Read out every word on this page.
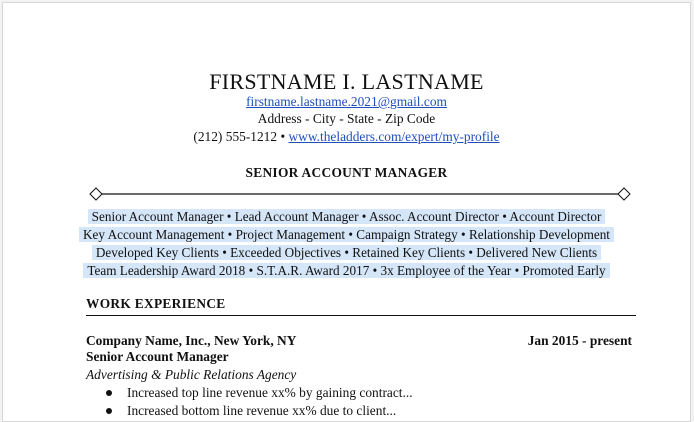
FIRSTNAME I. LASTNAME
firstname.lastname.2021@gmail.com
Address - City - State - Zip Code
(212) 555-1212 • www.theladders.com/expert/my-profile
SENIOR ACCOUNT MANAGER
Senior Account Manager • Lead Account Manager • Assoc. Account Director • Account Director
Key Account Management • Project Management • Campaign Strategy • Relationship Development
Developed Key Clients • Exceeded Objectives • Retained Key Clients • Delivered New Clients
Team Leadership Award 2018 • S.T.A.R. Award 2017 • 3x Employee of the Year • Promoted Early
WORK EXPERIENCE
Company Name, Inc., New York, NY	Jan 2015 - present
Senior Account Manager
Advertising & Public Relations Agency
Increased top line revenue xx% by gaining contract...
Increased bottom line revenue xx% due to client...
